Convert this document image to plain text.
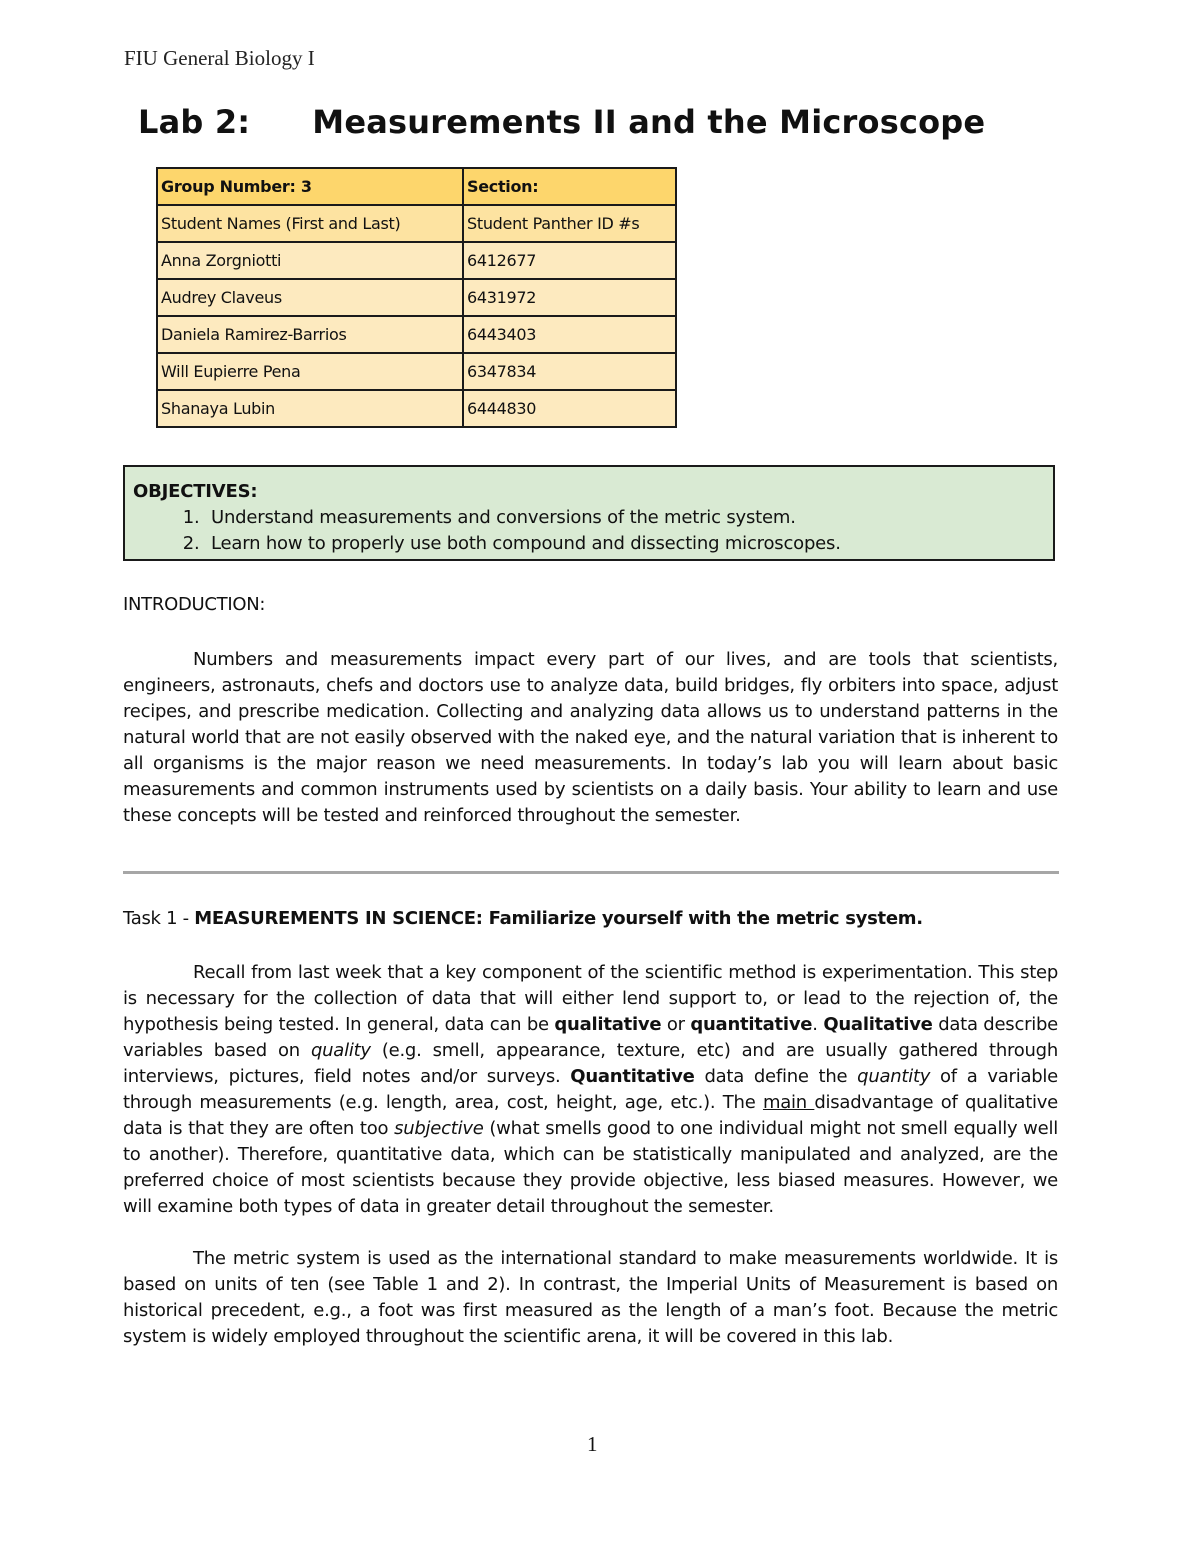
FIU General Biology I
Lab 2: Measurements II and the Microscope
Group Number: 3	Section:
Student Names (First and Last)	Student Panther ID #s
Anna Zorgniotti	6412677
Audrey Claveus	6431972
Daniela Ramirez-Barrios	6443403
Will Eupierre Pena	6347834
Shanaya Lubin	6444830
OBJECTIVES:
1. Understand measurements and conversions of the metric system.
2. Learn how to properly use both compound and dissecting microscopes.
INTRODUCTION:
Numbers and measurements impact every part of our lives, and are tools that scientists, engineers, astronauts, chefs and doctors use to analyze data, build bridges, fly orbiters into space, adjust recipes, and prescribe medication. Collecting and analyzing data allows us to understand patterns in the natural world that are not easily observed with the naked eye, and the natural variation that is inherent to all organisms is the major reason we need measurements. In today’s lab you will learn about basic measurements and common instruments used by scientists on a daily basis. Your ability to learn and use these concepts will be tested and reinforced throughout the semester.
Task 1 - MEASUREMENTS IN SCIENCE: Familiarize yourself with the metric system.
Recall from last week that a key component of the scientific method is experimentation. This step is necessary for the collection of data that will either lend support to, or lead to the rejection of, the hypothesis being tested. In general, data can be qualitative or quantitative. Qualitative data describe variables based on quality (e.g. smell, appearance, texture, etc) and are usually gathered through interviews, pictures, field notes and/or surveys. Quantitative data define the quantity of a variable through measurements (e.g. length, area, cost, height, age, etc.). The main disadvantage of qualitative data is that they are often too subjective (what smells good to one individual might not smell equally well to another). Therefore, quantitative data, which can be statistically manipulated and analyzed, are the preferred choice of most scientists because they provide objective, less biased measures. However, we will examine both types of data in greater detail throughout the semester.
The metric system is used as the international standard to make measurements worldwide. It is based on units of ten (see Table 1 and 2). In contrast, the Imperial Units of Measurement is based on historical precedent, e.g., a foot was first measured as the length of a man’s foot. Because the metric system is widely employed throughout the scientific arena, it will be covered in this lab.
1
